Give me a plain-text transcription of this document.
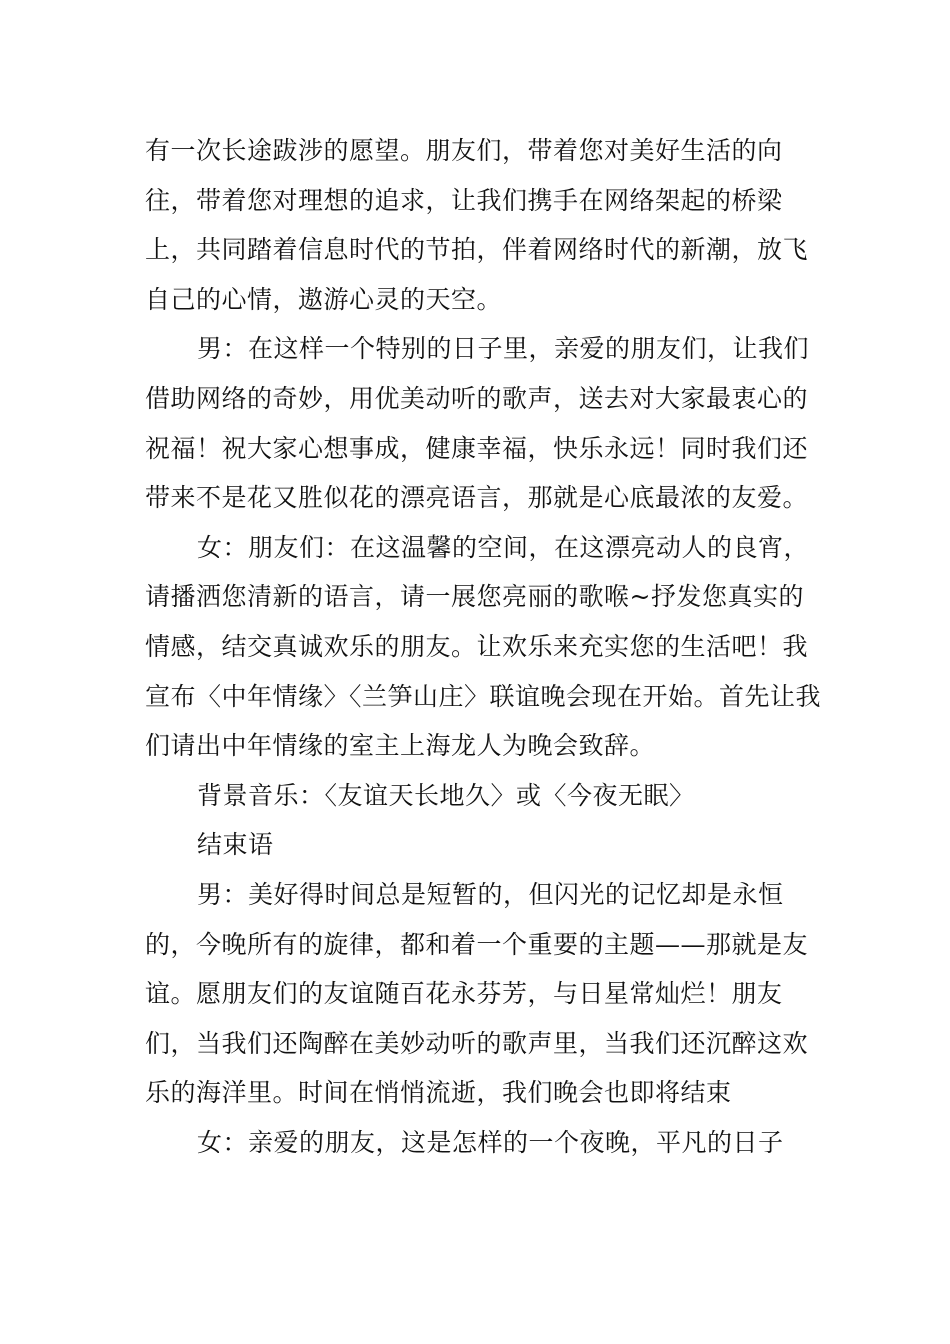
有一次长途跋涉的愿望。朋友们，带着您对美好生活的向往，带着您对理想的追求，让我们携手在网络架起的桥梁上，共同踏着信息时代的节拍，伴着网络时代的新潮，放飞自己的心情，遨游心灵的天空。

男：在这样一个特别的日子里，亲爱的朋友们，让我们借助网络的奇妙，用优美动听的歌声，送去对大家最衷心的祝福！祝大家心想事成，健康幸福，快乐永远！同时我们还带来不是花又胜似花的漂亮语言，那就是心底最浓的友爱。

女：朋友们：在这温馨的空间，在这漂亮动人的良宵，请播洒您清新的语言，请一展您亮丽的歌喉~抒发您真实的情感，结交真诚欢乐的朋友。让欢乐来充实您的生活吧！我宣布〈中年情缘〉〈兰笋山庄〉联谊晚会现在开始。首先让我们请出中年情缘的室主上海龙人为晚会致辞。

背景音乐：〈友谊天长地久〉或〈今夜无眠〉

结束语

男：美好得时间总是短暂的，但闪光的记忆却是永恒的，今晚所有的旋律，都和着一个重要的主题——那就是友谊。愿朋友们的友谊随百花永芬芳，与日星常灿烂！朋友们，当我们还陶醉在美妙动听的歌声里，当我们还沉醉这欢乐的海洋里。时间在悄悄流逝，我们晚会也即将结束

女：亲爱的朋友，这是怎样的一个夜晚，平凡的日子
